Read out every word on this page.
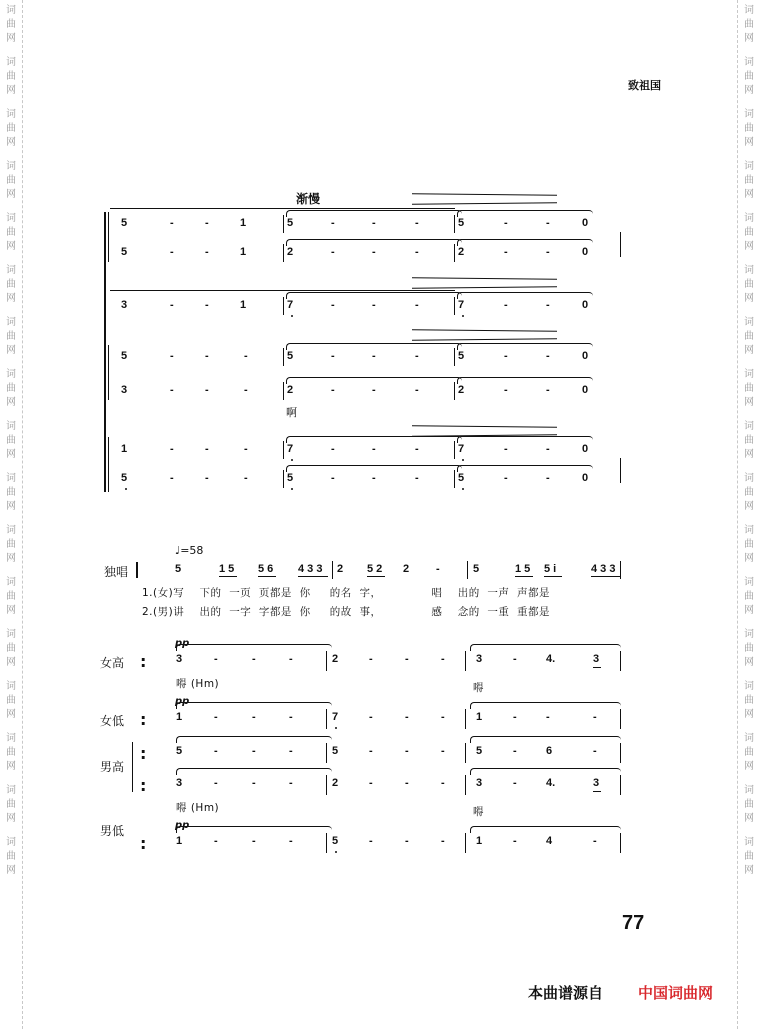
词
曲
网
词
曲
网
词
曲
网
词
曲
网
词
曲
网
词
曲
网
词
曲
网
词
曲
网
词
曲
网
词
曲
网
词
曲
网
词
曲
网
词
曲
网
词
曲
网
词
曲
网
词
曲
网
词
曲
网
词
曲
网
词
曲
网
词
曲
网
词
曲
网
词
曲
网
词
曲
网
词
曲
网
词
曲
网
词
曲
网
词
曲
网
词
曲
网
词
曲
网
词
曲
网
词
曲
网
词
曲
网
词
曲
网
词
曲
网
致祖国
渐慢
5	-	-	1	5	-	-	-	5	-	-	0
5	-	-	1	2	-	-	-	2	-	-	0
3	-	-	1	7	-	-	-	7	-	-	0
5	-	-	-	5	-	-	-	5	-	-	0
3	-	-	-	2	-	-	-	2	-	-	0
1	-	-	-	7	-	-	-	7	-	-	0
5	-	-	-	5	-	-	-	5	-	-	0
啊
♩=58
独唱	5	1 5 5 6 4 3 3 2 5 2 2 -	5	1 5 5 i	4 3 3
1.(女)写    下的  一页  页都是  你     的名  字，             唱    出的  一声  声都是
2.(男)讲    出的  一字  字都是  你     的故  事，             感    念的  一重  重都是
女高
pp
:	3	-	-	-	2	-	-	-	3	-	4.	3
嘚 (Hm)	嘚
女低
pp
:	1	-	-	-	7	-	-	-	1	-	-	-
男高
:	5	-	-	-	5	-	-	-	5	-	6	-
:	3	-	-	-	2	-	-	-	3	-	4.	3
嘚 (Hm)	嘚
男低	pp
:	1	-	-	-	5	-	-	-	1	-	4	-
77
本曲谱源自 中国词曲网
